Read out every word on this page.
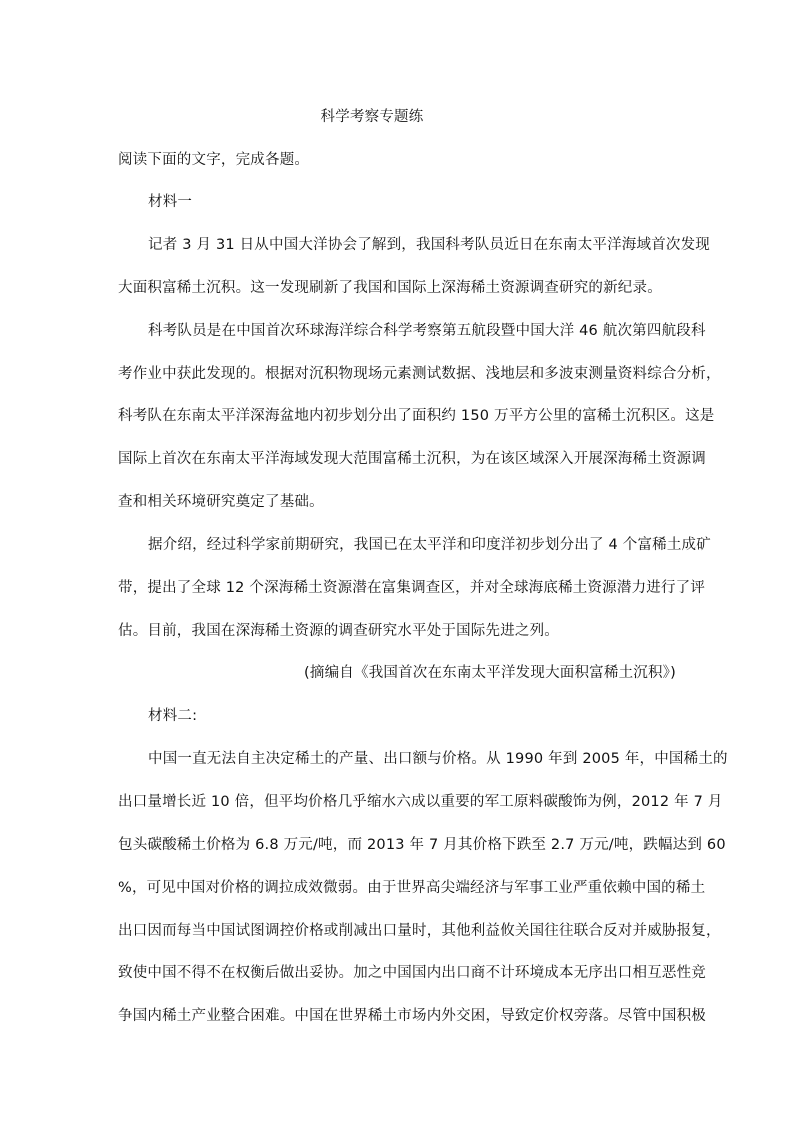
科学考察专题练
阅读下面的文字，完成各题。
材料一
记者 3 月 31 日从中国大洋协会了解到，我国科考队员近日在东南太平洋海域首次发现
大面积富稀土沉积。这一发现刷新了我国和国际上深海稀土资源调查研究的新纪录。
科考队员是在中国首次环球海洋综合科学考察第五航段暨中国大洋 46 航次第四航段科
考作业中获此发现的。根据对沉积物现场元素测试数据、浅地层和多波束测量资料综合分析，
科考队在东南太平洋深海盆地内初步划分出了面积约 150 万平方公里的富稀土沉积区。这是
国际上首次在东南太平洋海域发现大范围富稀土沉积，为在该区域深入开展深海稀土资源调
查和相关环境研究奠定了基础。
据介绍，经过科学家前期研究，我国已在太平洋和印度洋初步划分出了 4 个富稀土成矿
带，提出了全球 12 个深海稀土资源潜在富集调查区，并对全球海底稀土资源潜力进行了评
估。目前，我国在深海稀土资源的调查研究水平处于国际先进之列。
(摘编自《我国首次在东南太平洋发现大面积富稀土沉积》)
材料二:
中国一直无法自主决定稀土的产量、出口额与价格。从 1990 年到 2005 年，中国稀土的
出口量增长近 10 倍，但平均价格几乎缩水六成以重要的军工原料碳酸饰为例，2012 年 7 月
包头碳酸稀土价格为 6.8 万元/吨，而 2013 年 7 月其价格下跌至 2.7 万元/吨，跌幅达到 60
%，可见中国对价格的调拉成效微弱。由于世界高尖端经济与军事工业严重依赖中国的稀土
出口因而每当中国试图调控价格或削减出口量时，其他利益攸关国往往联合反对并威胁报复，
致使中国不得不在权衡后做出妥协。加之中国国内出口商不计环境成本无序出口相互恶性竞
争国内稀土产业整合困难。中国在世界稀土市场内外交困，导致定价权旁落。尽管中国积极
